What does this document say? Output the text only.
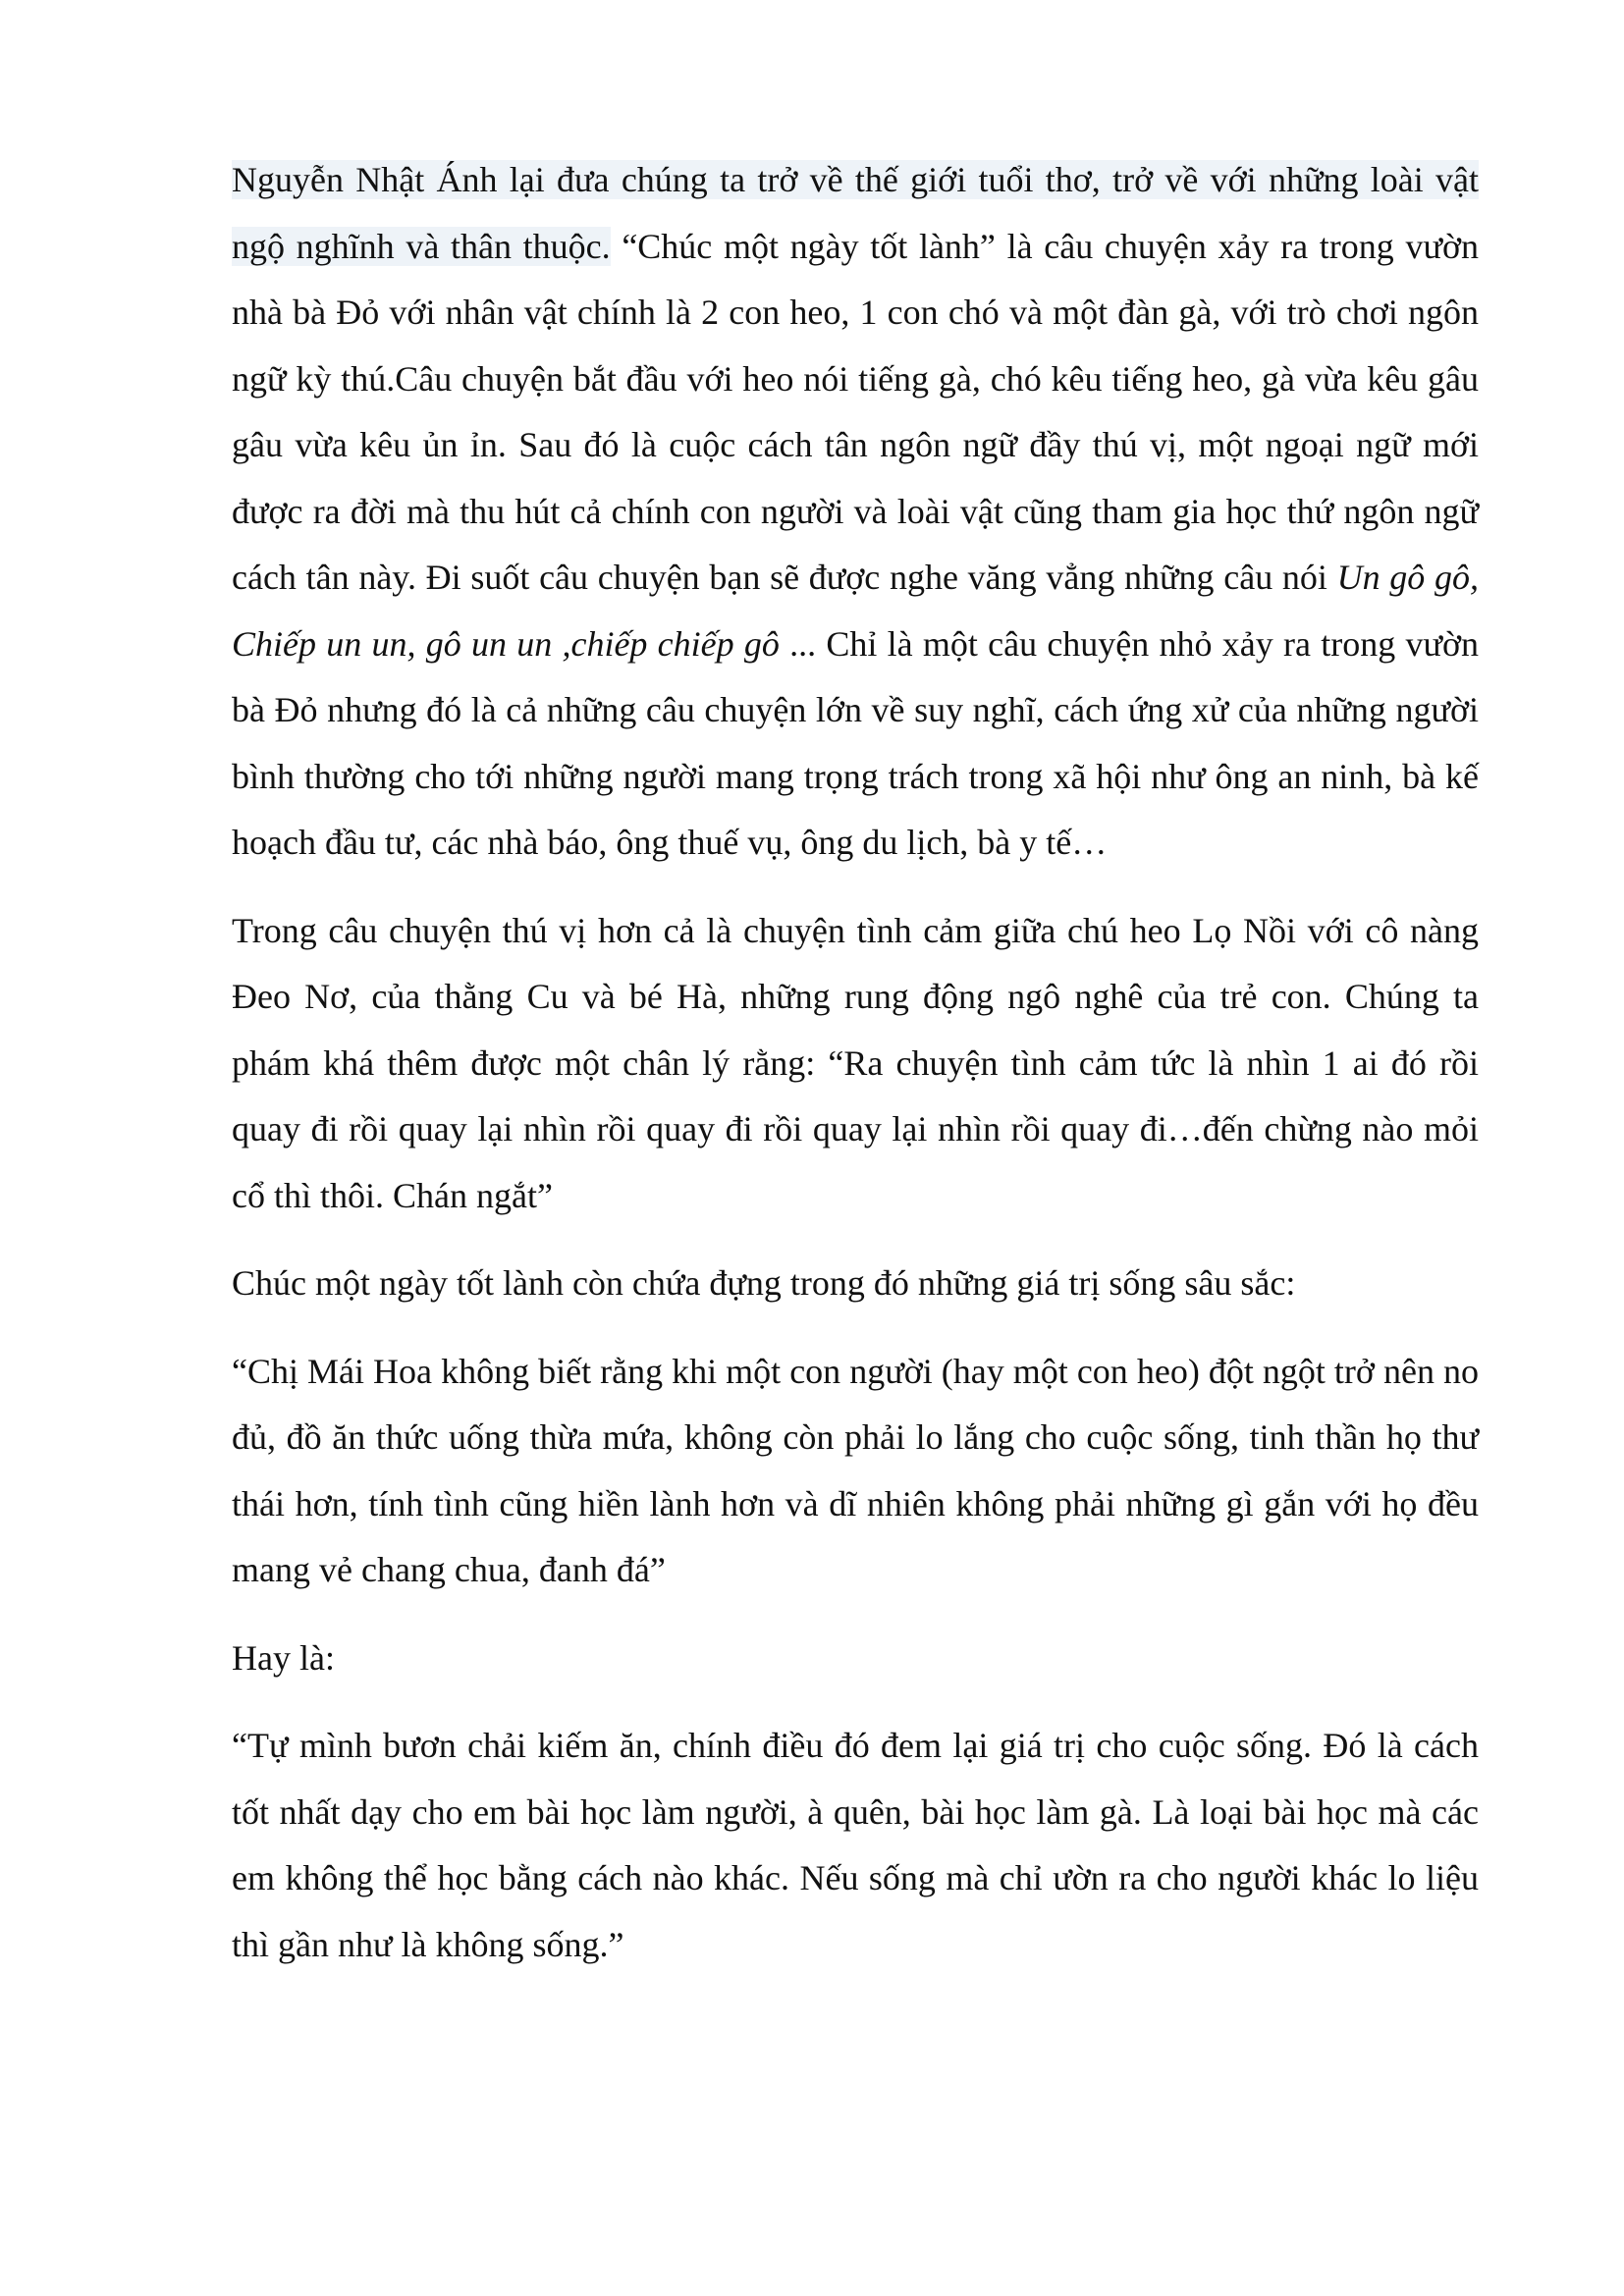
Nguyễn Nhật Ánh lại đưa chúng ta trở về thế giới tuổi thơ, trở về với những loài vật ngộ nghĩnh và thân thuộc. “Chúc một ngày tốt lành” là câu chuyện xảy ra trong vườn nhà bà Đỏ với nhân vật chính là 2 con heo, 1 con chó và một đàn gà, với trò chơi ngôn ngữ kỳ thú.Câu chuyện bắt đầu với heo nói tiếng gà, chó kêu tiếng heo, gà vừa kêu gâu gâu vừa kêu ủn ỉn. Sau đó là cuộc cách tân ngôn ngữ đầy thú vị, một ngoại ngữ mới được ra đời mà thu hút cả chính con người và loài vật cũng tham gia học thứ ngôn ngữ cách tân này. Đi suốt câu chuyện bạn sẽ được nghe văng vẳng những câu nói Un gô gô, Chiếp un un, gô un un ,chiếp chiếp gô ... Chỉ là một câu chuyện nhỏ xảy ra trong vườn bà Đỏ nhưng đó là cả những câu chuyện lớn về suy nghĩ, cách ứng xử của những người bình thường cho tới những người mang trọng trách trong xã hội như ông an ninh, bà kế hoạch đầu tư, các nhà báo, ông thuế vụ, ông du lịch, bà y tế…

Trong câu chuyện thú vị hơn cả là chuyện tình cảm giữa chú heo Lọ Nồi với cô nàng Đeo Nơ, của thằng Cu và bé Hà, những rung động ngô nghê của trẻ con. Chúng ta phám khá thêm được một chân lý rằng: “Ra chuyện tình cảm tức là nhìn 1 ai đó rồi quay đi rồi quay lại nhìn rồi quay đi rồi quay lại nhìn rồi quay đi…đến chừng nào mỏi cổ thì thôi. Chán ngắt”

Chúc một ngày tốt lành còn chứa đựng trong đó những giá trị sống sâu sắc:

“Chị Mái Hoa không biết rằng khi một con người (hay một con heo) đột ngột trở nên no đủ, đồ ăn thức uống thừa mứa, không còn phải lo lắng cho cuộc sống, tinh thần họ thư thái hơn, tính tình cũng hiền lành hơn và dĩ nhiên không phải những gì gắn với họ đều mang vẻ chang chua, đanh đá”

Hay là:

“Tự mình bươn chải kiếm ăn, chính điều đó đem lại giá trị cho cuộc sống. Đó là cách tốt nhất dạy cho em bài học làm người, à quên, bài học làm gà. Là loại bài học mà các em không thể học bằng cách nào khác. Nếu sống mà chỉ ườn ra cho người khác lo liệu thì gần như là không sống.”
